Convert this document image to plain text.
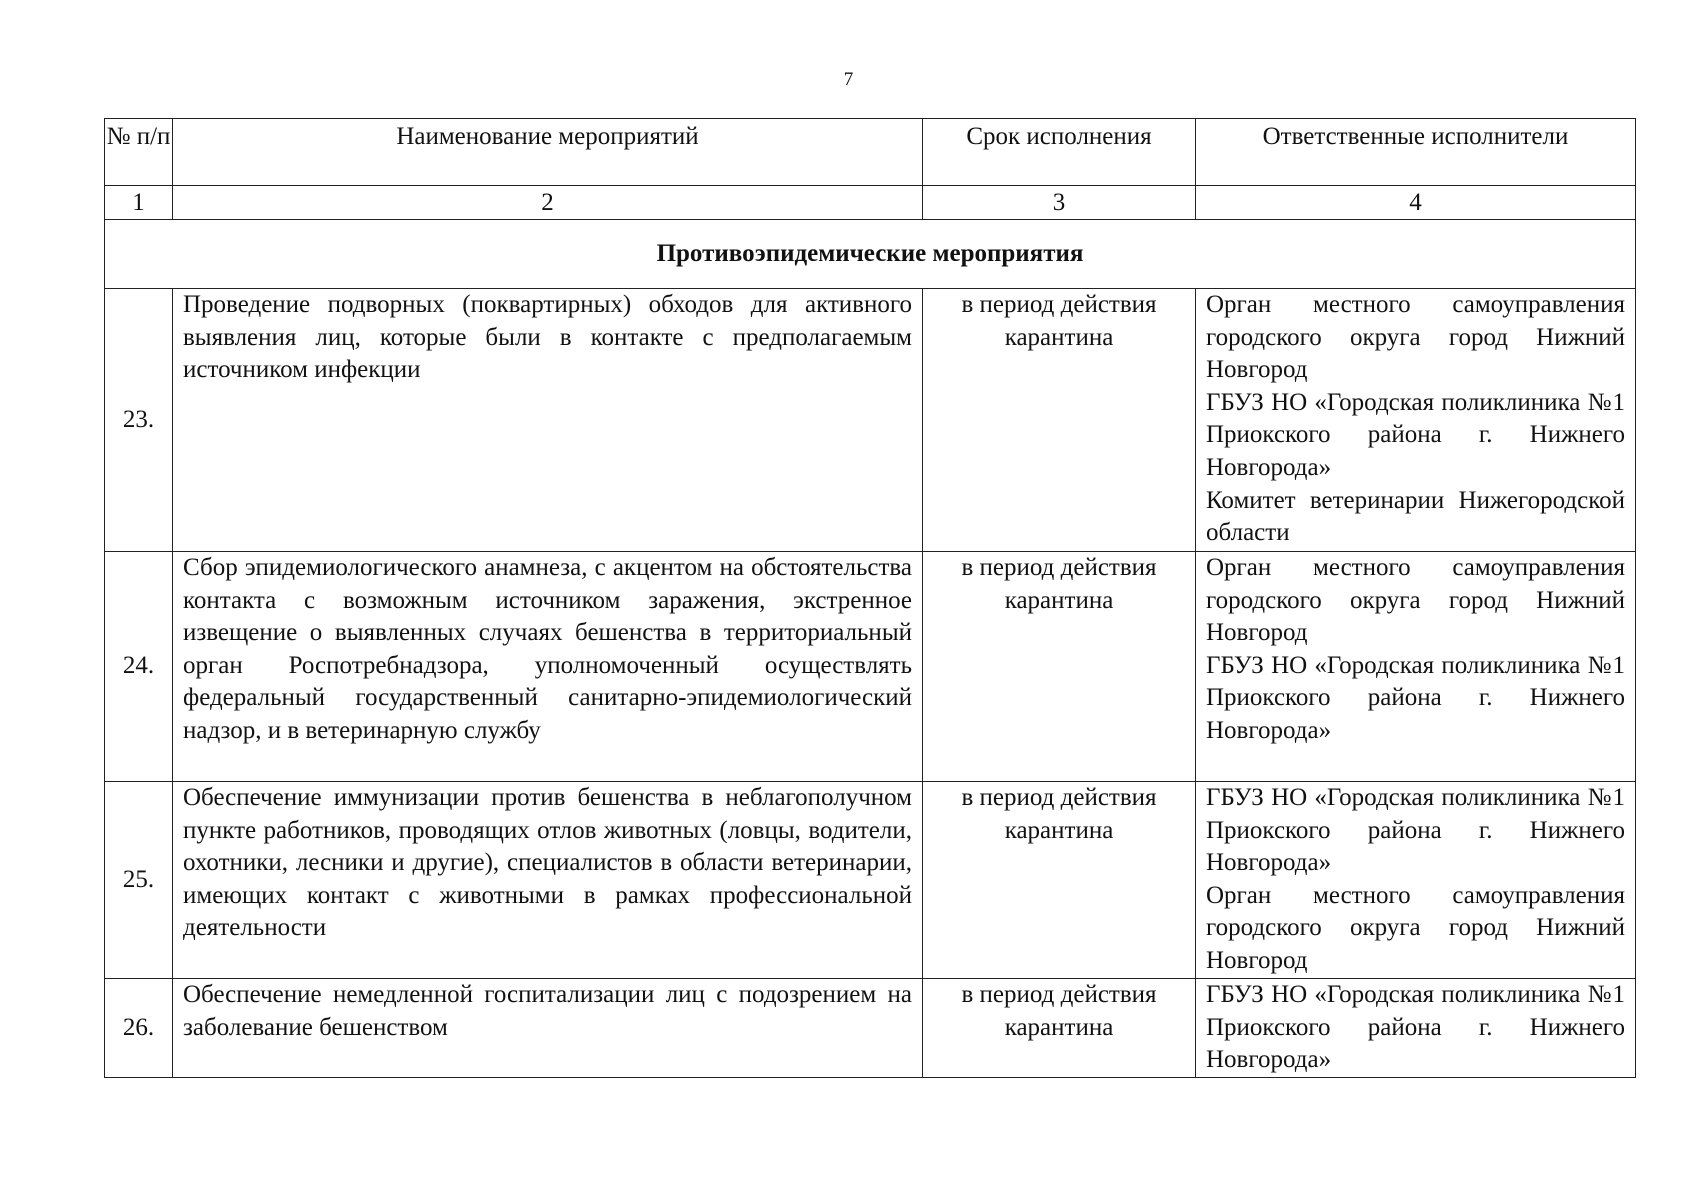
7
№ п/п	Наименование мероприятий	Срок исполнения	Ответственные исполнители
1	2	3	4
Противоэпидемические мероприятия			
23.	Проведение подворных (поквартирных) обходов для активного выявления лиц, которые были в контакте с предполагаемым источником инфекции	в период действия карантина	Орган местного самоуправления городского округа город Нижний Новгород
ГБУЗ НО «Городская поликлиника №1 Приокского района г. Нижнего Новгорода»
Комитет ветеринарии Нижегородской области

24.	Сбор эпидемиологического анамнеза, с акцентом на обстоятельства контакта с возможным источником заражения, экстренное извещение о выявленных случаях бешенства в территориальный орган Роспотребнадзора, уполномоченный осуществлять федеральный государственный санитарно-эпидемиологический надзор, и в ветеринарную службу	в период действия карантина	Орган местного самоуправления городского округа город Нижний Новгород
ГБУЗ НО «Городская поликлиника №1 Приокского района г. Нижнего Новгорода»

25.	Обеспечение иммунизации против бешенства в неблагополучном пункте работников, проводящих отлов животных (ловцы, водители, охотники, лесники и другие), специалистов в области ветеринарии, имеющих контакт с животными в рамках профессиональной деятельности	в период действия карантина	ГБУЗ НО «Городская поликлиника №1 Приокского района г. Нижнего Новгорода»
Орган местного самоуправления городского округа город Нижний Новгород

26.	Обеспечение немедленной госпитализации лиц с подозрением на заболевание бешенством	в период действия карантина	ГБУЗ НО «Городская поликлиника №1 Приокского района г. Нижнего Новгорода»
